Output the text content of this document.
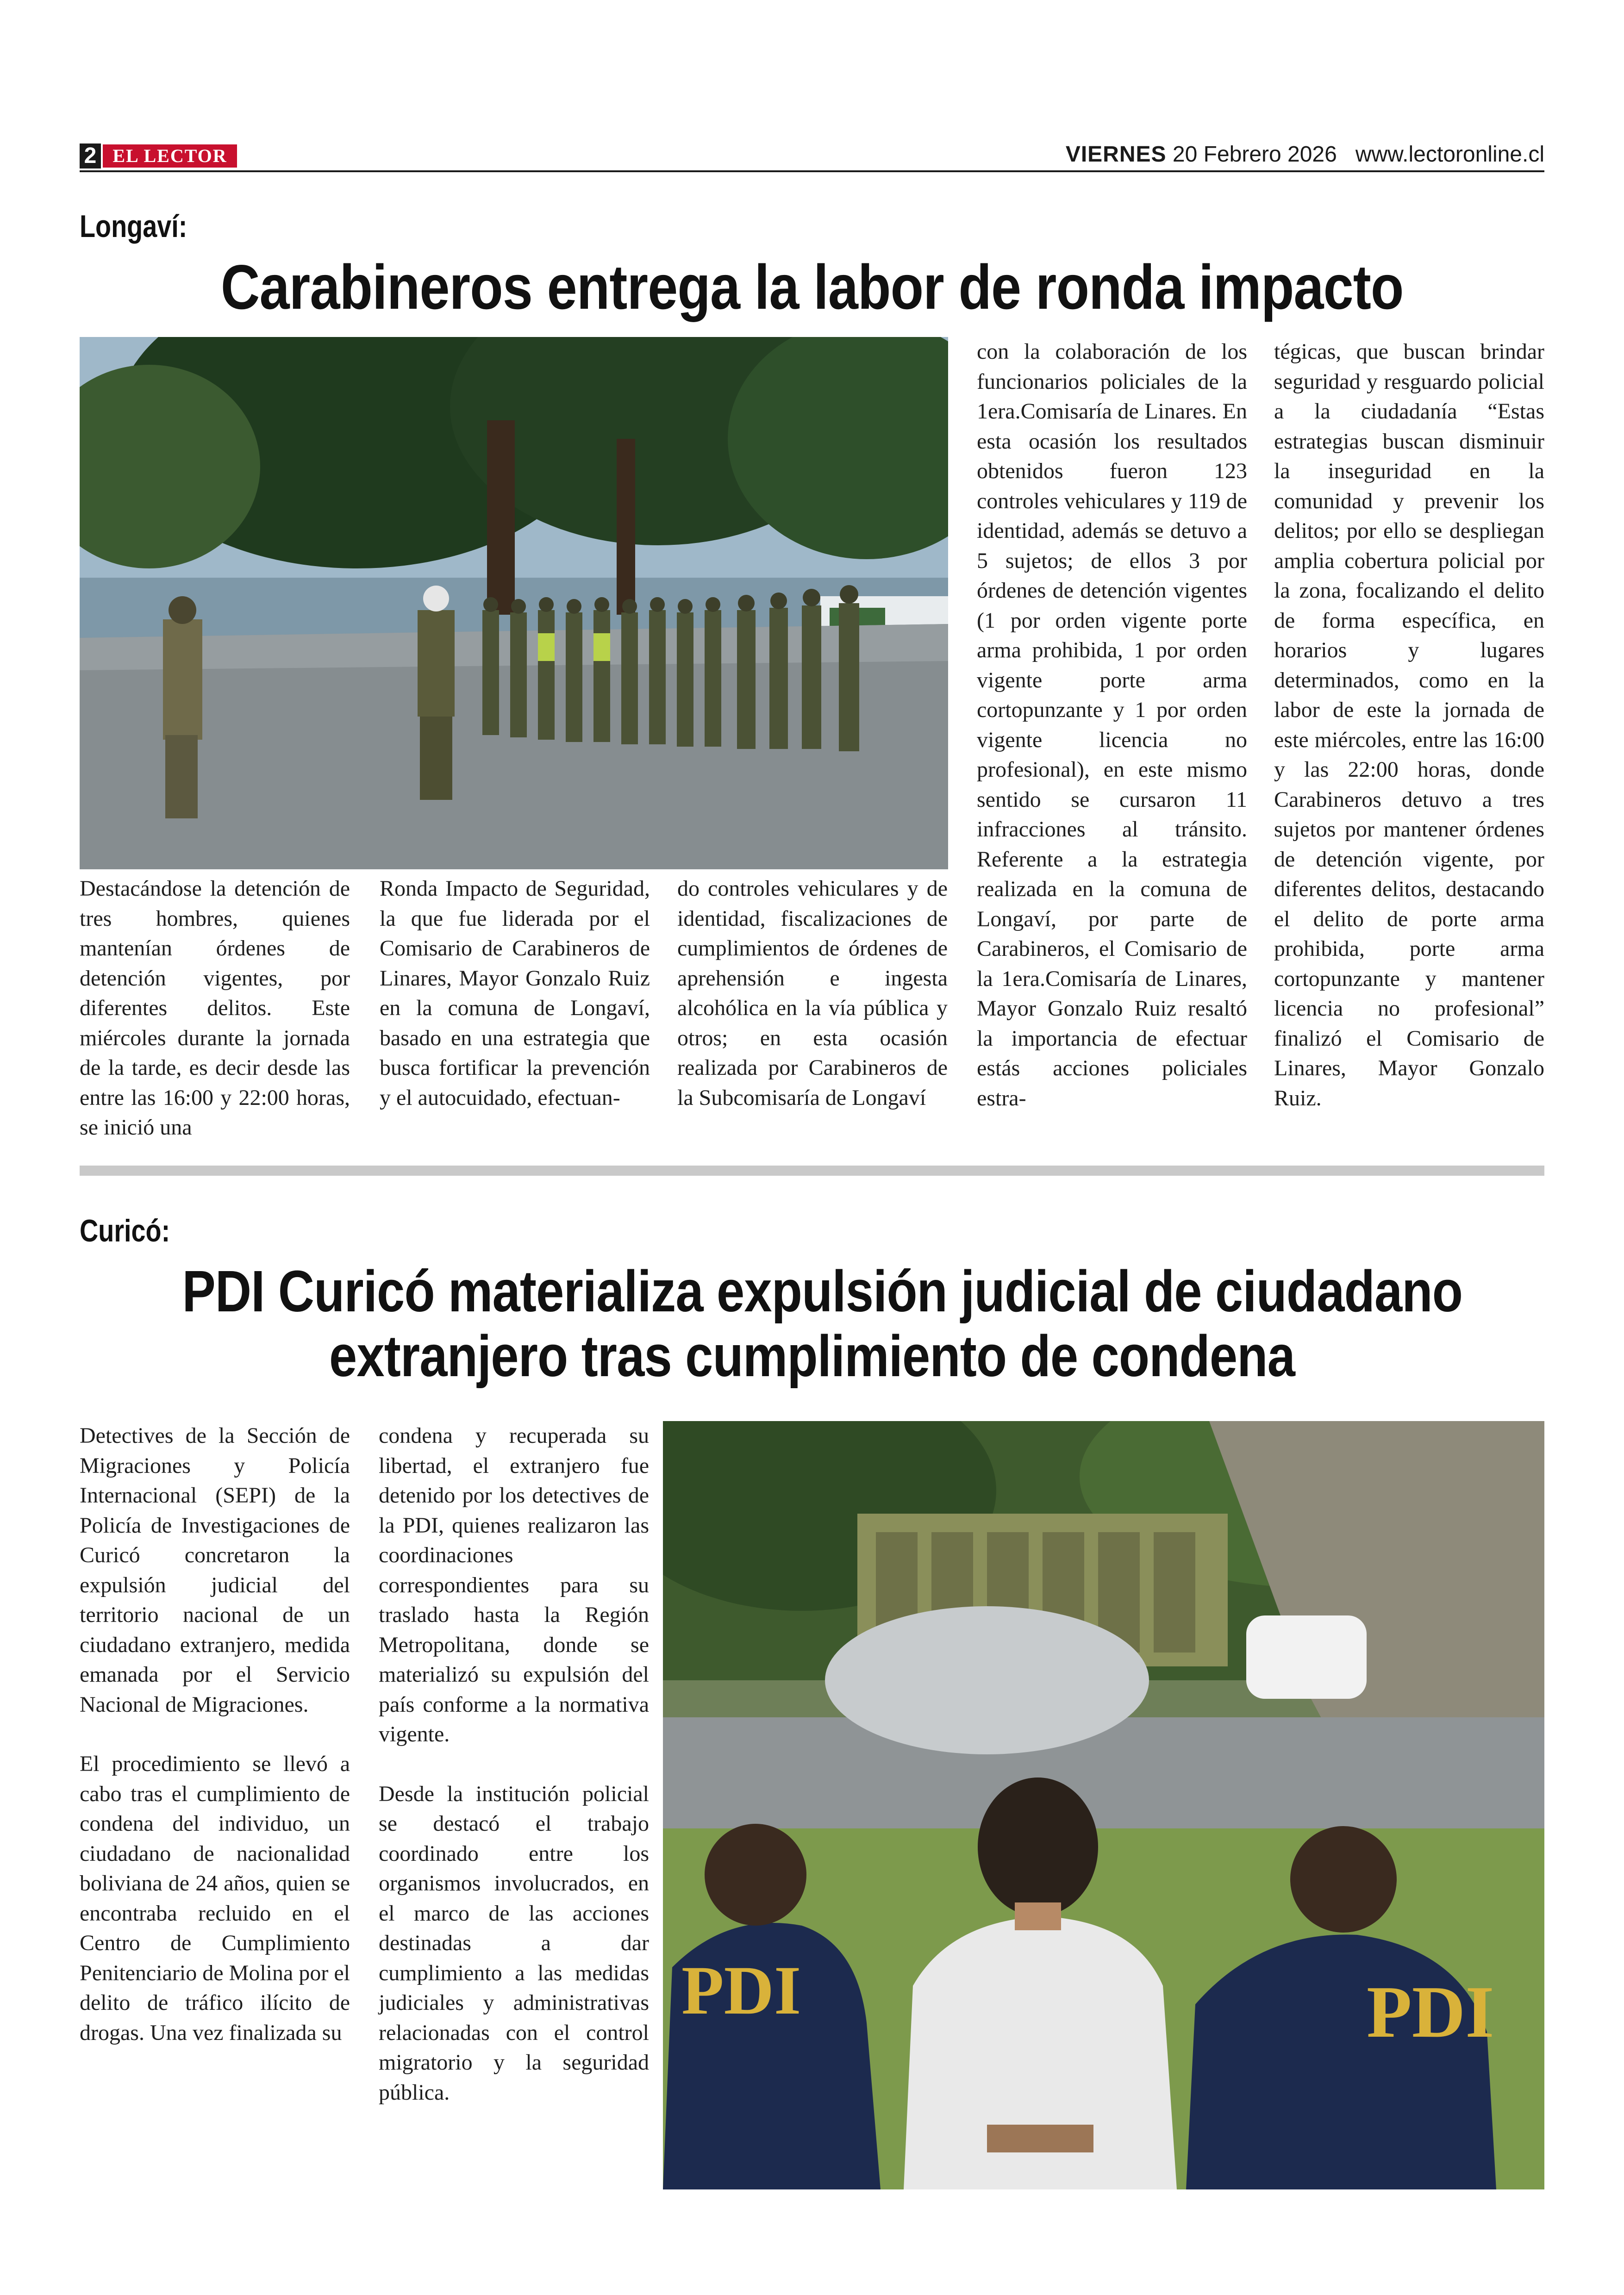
2 EL LECTOR	VIERNES 20 Febrero 2026 www.lectoronline.cl
Longaví:
Carabineros entrega la labor de ronda impacto

Destacándose la detención de tres hombres, quienes mantenían órdenes de detención vigentes, por diferentes delitos. Este miércoles durante la jornada de la tarde, es decir desde las entre las 16:00 y 22:00 horas, se inició una

Ronda Impacto de Seguridad, la que fue liderada por el Comisario de Carabineros de Linares, Mayor Gonzalo Ruiz en la comuna de Longaví, basado en una estrategia que busca fortificar la prevención y el autocuidado, efectuan-

do controles vehiculares y de identidad, fiscalizaciones de cumplimientos de órdenes de aprehensión e ingesta alcohólica en la vía pública y otros; en esta ocasión realizada por Carabineros de la Subcomisaría de Longaví

con la colaboración de los funcionarios policiales de la 1era.Comisaría de Linares. En esta ocasión los resultados obtenidos fueron 123 controles vehiculares y 119 de identidad, además se detuvo a 5 sujetos; de ellos 3 por órdenes de detención vigentes (1 por orden vigente porte arma prohibida, 1 por orden vigente porte arma cortopunzante y 1 por orden vigente licencia no profesional), en este mismo sentido se cursaron 11 infracciones al tránsito. Referente a la estrategia realizada en la comuna de Longaví, por parte de Carabineros, el Comisario de la 1era.Comisaría de Linares, Mayor Gonzalo Ruiz resaltó la importancia de efectuar estás acciones policiales estra-

tégicas, que buscan brindar seguridad y resguardo policial a la ciudadanía “Estas estrategias buscan disminuir la inseguridad en la comunidad y prevenir los delitos; por ello se despliegan amplia cobertura policial por la zona, focalizando el delito de forma específica, en horarios y lugares determinados, como en la labor de este la jornada de este miércoles, entre las 16:00 y las 22:00 horas, donde Carabineros detuvo a tres sujetos por mantener órdenes de detención vigente, por diferentes delitos, destacando el delito de porte arma prohibida, porte arma cortopunzante y mantener licencia no profesional” finalizó el Comisario de Linares, Mayor Gonzalo Ruiz.

Curicó:
PDI Curicó materializa expulsión judicial de ciudadano
extranjero tras cumplimiento de condena

Detectives de la Sección de Migraciones y Policía Internacional (SEPI) de la Policía de Investigaciones de Curicó concretaron la expulsión judicial del territorio nacional de un ciudadano extranjero, medida emanada por el Servicio Nacional de Migraciones.

El procedimiento se llevó a cabo tras el cumplimiento de condena del individuo, un ciudadano de nacionalidad boliviana de 24 años, quien se encontraba recluido en el Centro de Cumplimiento Penitenciario de Molina por el delito de tráfico ilícito de drogas. Una vez finalizada su

condena y recuperada su libertad, el extranjero fue detenido por los detectives de la PDI, quienes realizaron las coordinaciones correspondientes para su traslado hasta la Región Metropolitana, donde se materializó su expulsión del país conforme a la normativa vigente.

Desde la institución policial se destacó el trabajo coordinado entre los organismos involucrados, en el marco de las acciones destinadas a dar cumplimiento a las medidas judiciales y administrativas relacionadas con el control migratorio y la seguridad pública.

PDI	PDI
